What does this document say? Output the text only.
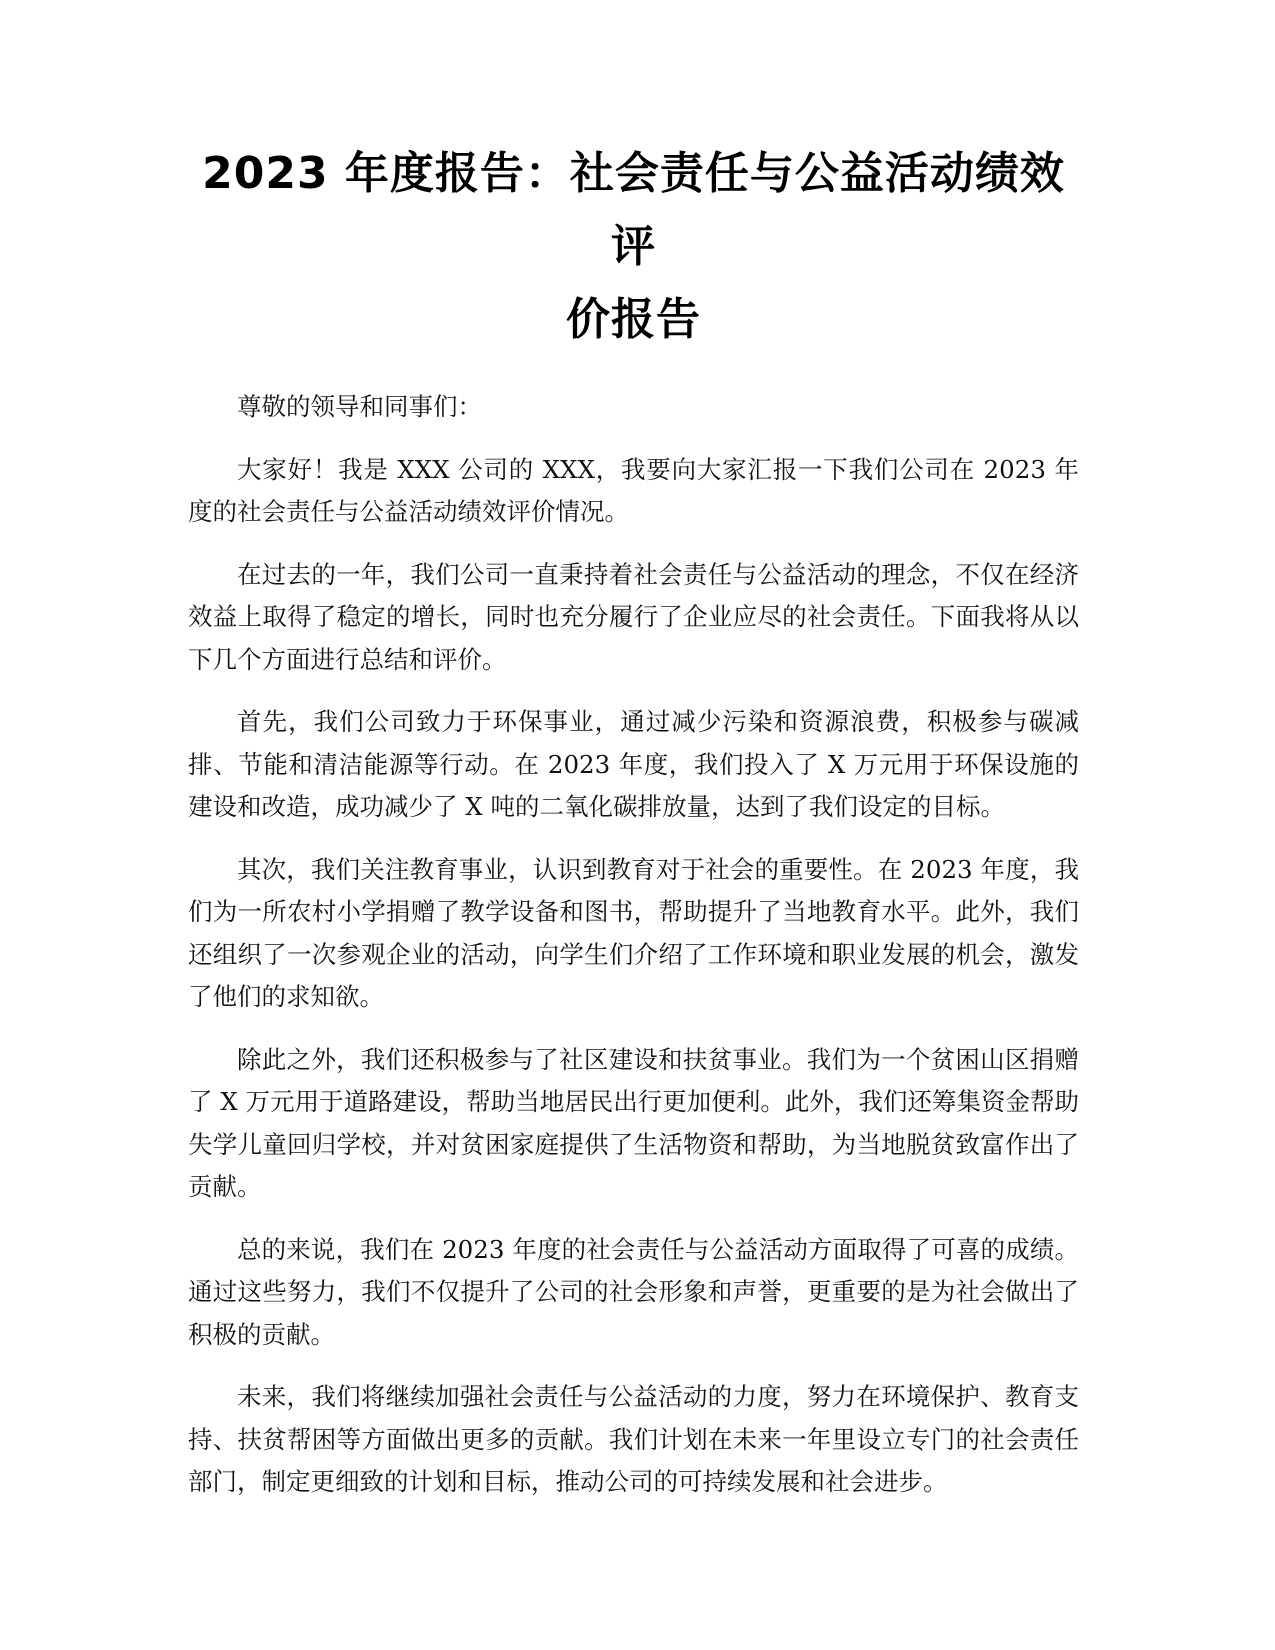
2023 年度报告：社会责任与公益活动绩效评
价报告

尊敬的领导和同事们：

大家好！我是 XXX 公司的 XXX，我要向大家汇报一下我们公司在 2023 年度的社会责任与公益活动绩效评价情况。

在过去的一年，我们公司一直秉持着社会责任与公益活动的理念，不仅在经济效益上取得了稳定的增长，同时也充分履行了企业应尽的社会责任。下面我将从以下几个方面进行总结和评价。

首先，我们公司致力于环保事业，通过减少污染和资源浪费，积极参与碳减排、节能和清洁能源等行动。在 2023 年度，我们投入了 X 万元用于环保设施的建设和改造，成功减少了 X 吨的二氧化碳排放量，达到了我们设定的目标。

其次，我们关注教育事业，认识到教育对于社会的重要性。在 2023 年度，我们为一所农村小学捐赠了教学设备和图书，帮助提升了当地教育水平。此外，我们还组织了一次参观企业的活动，向学生们介绍了工作环境和职业发展的机会，激发了他们的求知欲。

除此之外，我们还积极参与了社区建设和扶贫事业。我们为一个贫困山区捐赠了 X 万元用于道路建设，帮助当地居民出行更加便利。此外，我们还筹集资金帮助失学儿童回归学校，并对贫困家庭提供了生活物资和帮助，为当地脱贫致富作出了贡献。

总的来说，我们在 2023 年度的社会责任与公益活动方面取得了可喜的成绩。通过这些努力，我们不仅提升了公司的社会形象和声誉，更重要的是为社会做出了积极的贡献。

未来，我们将继续加强社会责任与公益活动的力度，努力在环境保护、教育支持、扶贫帮困等方面做出更多的贡献。我们计划在未来一年里设立专门的社会责任部门，制定更细致的计划和目标，推动公司的可持续发展和社会进步。
